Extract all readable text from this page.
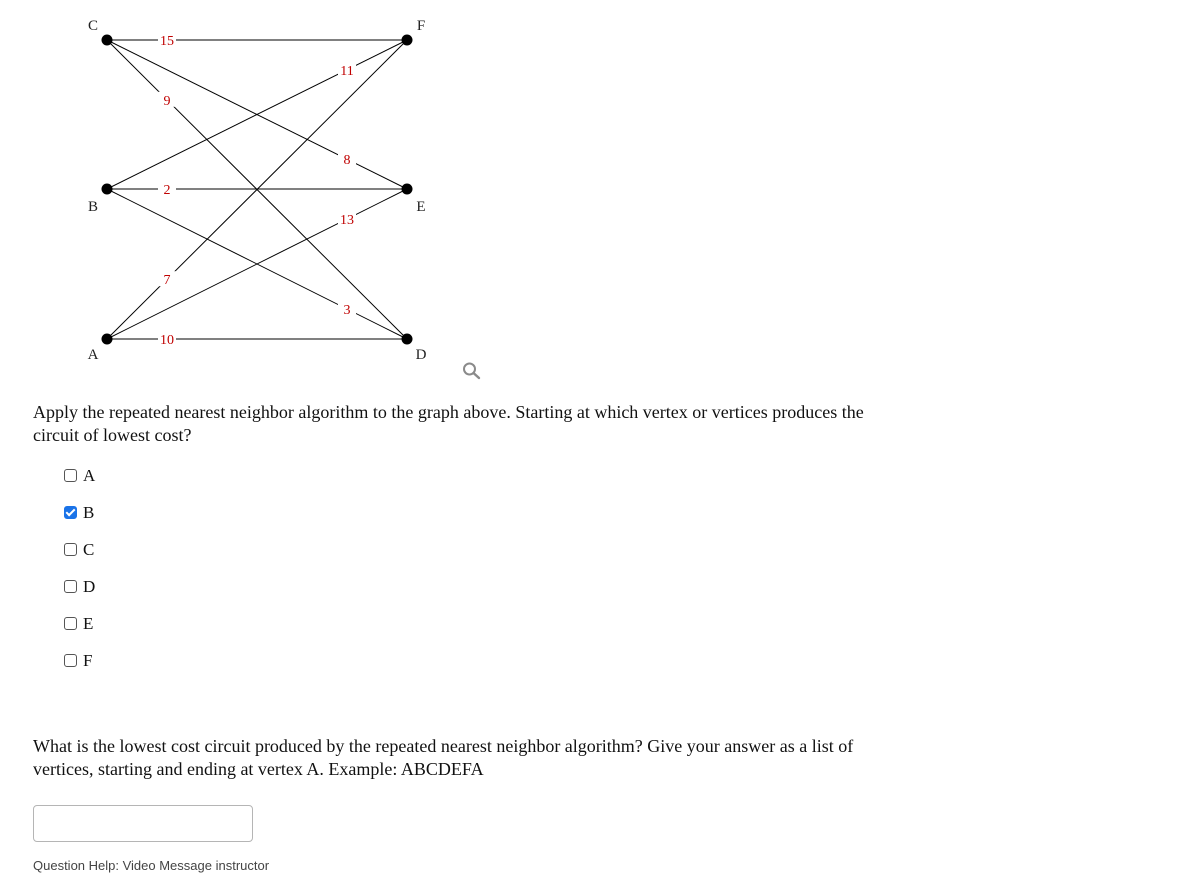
15
8
9
11
2
3
7
13
10
C
B
A
F
E
D

Apply the repeated nearest neighbor algorithm to the graph above. Starting at which vertex or vertices produces the circuit of lowest cost?

A
B
C
D
E
F

What is the lowest cost circuit produced by the repeated nearest neighbor algorithm? Give your answer as a list of vertices, starting and ending at vertex A. Example: ABCDEFA

Question Help: Video Message instructor
